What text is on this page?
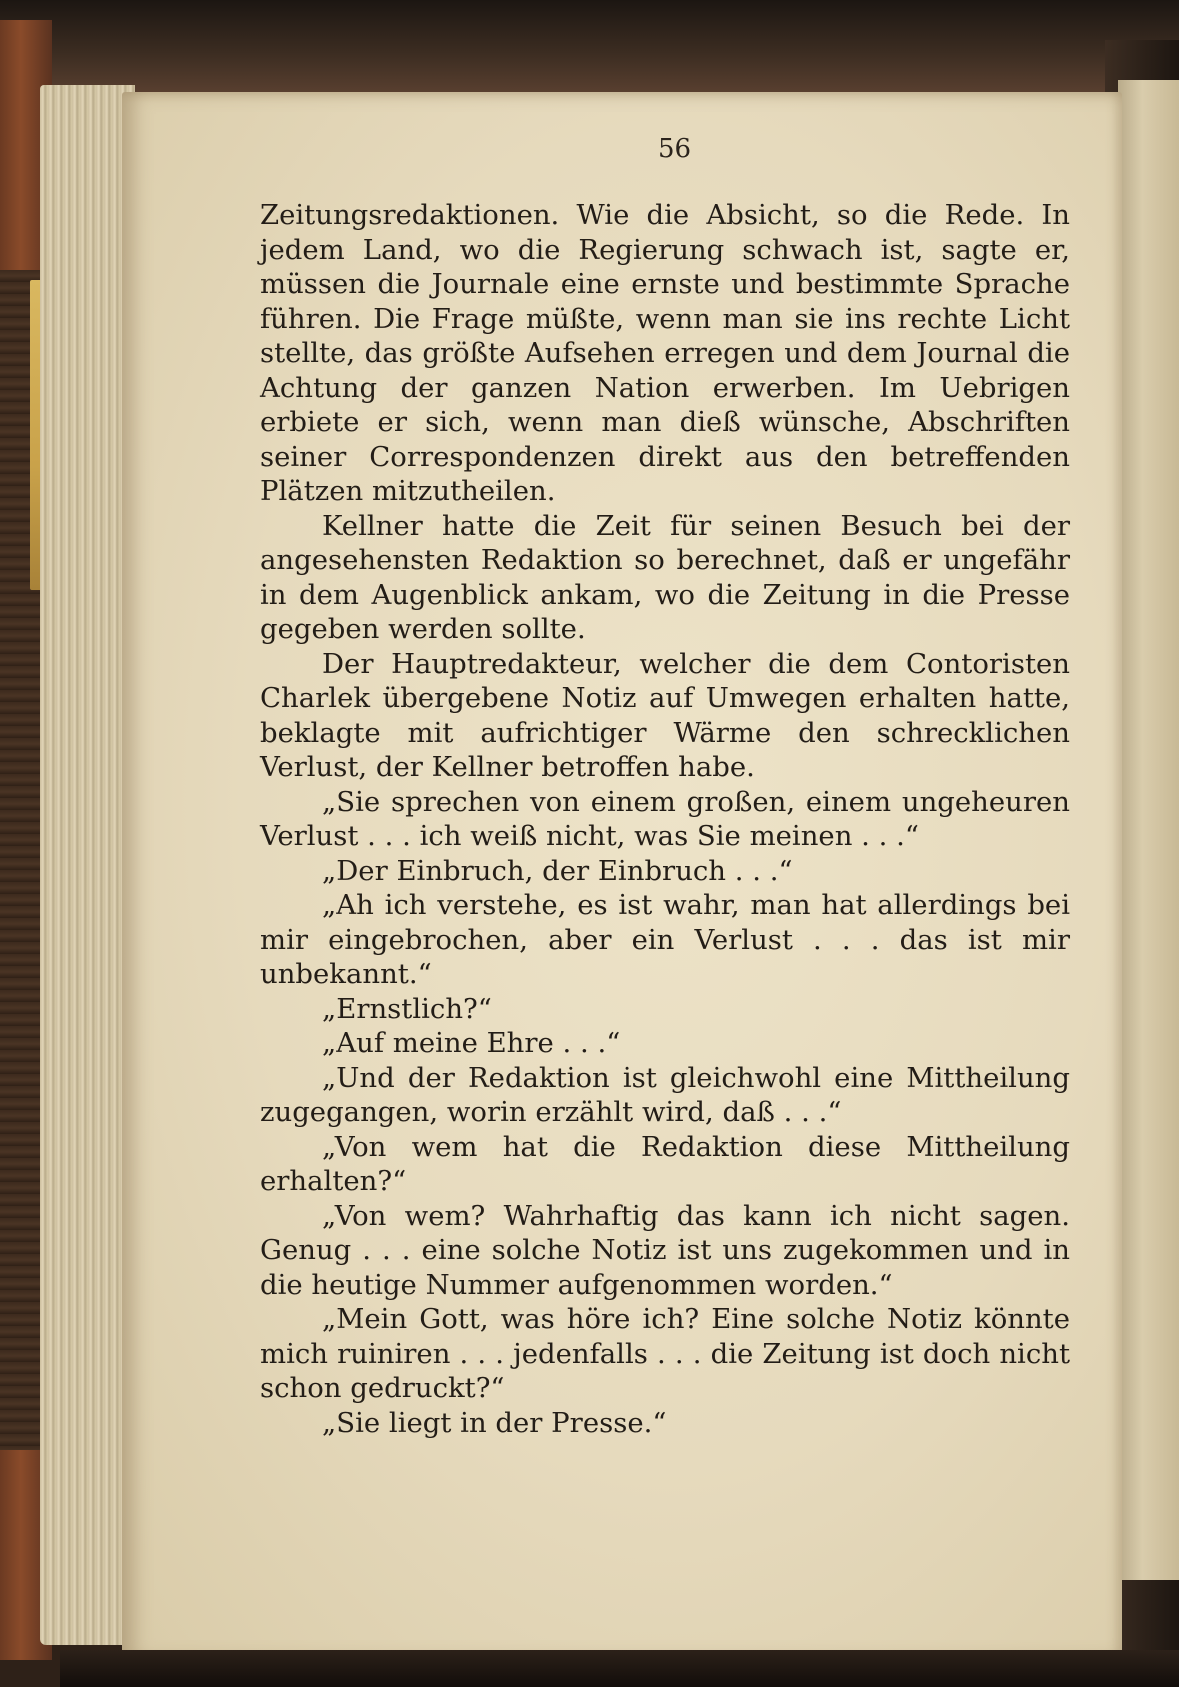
56

Zeitungsredaktionen. Wie die Absicht, so die Rede. In jedem Land, wo die Regierung schwach ist, sagte er, müssen die Journale eine ernste und bestimmte Sprache führen. Die Frage müßte, wenn man sie ins rechte Licht stellte, das größte Aufsehen erregen und dem Journal die Achtung der ganzen Nation erwerben. Im Uebrigen erbiete er sich, wenn man dieß wünsche, Abschriften seiner Correspondenzen direkt aus den betreffenden Plätzen mitzutheilen.

Kellner hatte die Zeit für seinen Besuch bei der angesehensten Redaktion so berechnet, daß er ungefähr in dem Augenblick ankam, wo die Zeitung in die Presse gegeben werden sollte.

Der Hauptredakteur, welcher die dem Contoristen Charlek übergebene Notiz auf Umwegen erhalten hatte, beklagte mit aufrichtiger Wärme den schrecklichen Verlust, der Kellner betroffen habe.

„Sie sprechen von einem großen, einem ungeheuren Verlust . . . ich weiß nicht, was Sie meinen . . .“

„Der Einbruch, der Einbruch . . .“

„Ah ich verstehe, es ist wahr, man hat allerdings bei mir eingebrochen, aber ein Verlust . . . das ist mir unbekannt.“

„Ernstlich?“

„Auf meine Ehre . . .“

„Und der Redaktion ist gleichwohl eine Mittheilung zugegangen, worin erzählt wird, daß . . .“

„Von wem hat die Redaktion diese Mittheilung erhalten?“

„Von wem? Wahrhaftig das kann ich nicht sagen. Genug . . . eine solche Notiz ist uns zugekommen und in die heutige Nummer aufgenommen worden.“

„Mein Gott, was höre ich? Eine solche Notiz könnte mich ruiniren . . . jedenfalls . . . die Zeitung ist doch nicht schon gedruckt?“

„Sie liegt in der Presse.“
